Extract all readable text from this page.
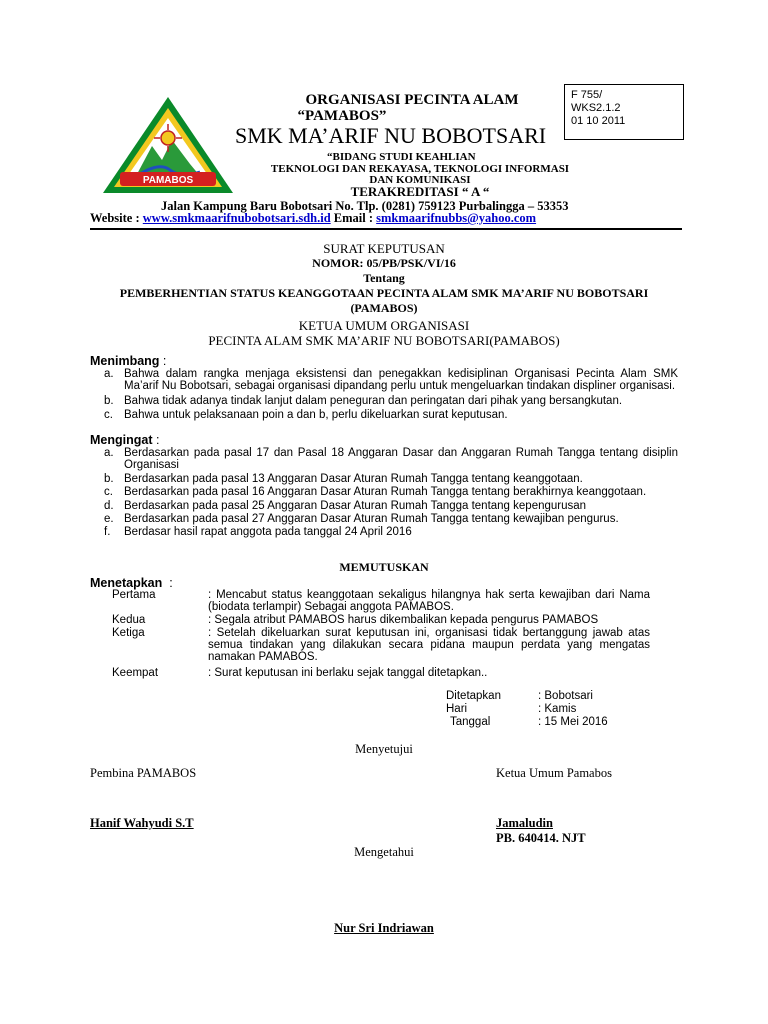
PAMABOS
ORGANISASI PECINTA ALAM
“PAMABOS”
SMK MA’ARIF NU BOBOTSARI
F 755/
WKS2.1.2
01 10 2011
“BIDANG STUDI KEAHLIAN
TEKNOLOGI DAN REKAYASA, TEKNOLOGI INFORMASI
DAN KOMUNIKASI
TERAKREDITASI “ A “
Jalan Kampung Baru Bobotsari No. Tlp. (0281) 759123 Purbalingga – 53353
Website : www.smkmaarifnubobotsari.sdh.id Email : smkmaarifnubbs@yahoo.com
SURAT KEPUTUSAN
NOMOR: 05/PB/PSK/VI/16
Tentang
PEMBERHENTIAN STATUS KEANGGOTAAN PECINTA ALAM SMK MA’ARIF NU BOBOTSARI
(PAMABOS)
KETUA UMUM ORGANISASI
PECINTA ALAM SMK MA’ARIF NU BOBOTSARI(PAMABOS)
Menimbang :
a. Bahwa dalam rangka menjaga eksistensi dan penegakkan kedisiplinan Organisasi Pecinta Alam SMK Ma’arif Nu Bobotsari, sebagai organisasi dipandang perlu untuk mengeluarkan tindakan displiner organisasi.
b. Bahwa tidak adanya tindak lanjut dalam peneguran dan peringatan dari pihak yang bersangkutan.
c. Bahwa untuk pelaksanaan poin a dan b, perlu dikeluarkan surat keputusan.
Mengingat :
a. Berdasarkan pada pasal 17 dan Pasal 18 Anggaran Dasar dan Anggaran Rumah Tangga tentang disiplin Organisasi
b. Berdasarkan pada pasal 13 Anggaran Dasar Aturan Rumah Tangga tentang keanggotaan.
c. Berdasarkan pada pasal 16 Anggaran Dasar Aturan Rumah Tangga tentang berakhirnya keanggotaan.
d. Berdasarkan pada pasal 25 Anggaran Dasar Aturan Rumah Tangga tentang kepengurusan
e. Berdasarkan pada pasal 27 Anggaran Dasar Aturan Rumah Tangga tentang kewajiban pengurus.
f. Berdasar hasil rapat anggota pada tanggal 24 April 2016
MEMUTUSKAN
Menetapkan  :
Pertama	: Mencabut status keanggotaan sekaligus hilangnya hak serta kewajiban dari Nama (biodata terlampir) Sebagai anggota PAMABOS.
Kedua	: Segala atribut PAMABOS harus dikembalikan kepada pengurus PAMABOS
Ketiga	: Setelah dikeluarkan surat keputusan ini, organisasi tidak bertanggung jawab atas semua tindakan yang dilakukan secara pidana maupun perdata yang mengatas namakan PAMABOS.
Keempat	: Surat keputusan ini berlaku sejak tanggal ditetapkan..
Ditetapkan	: Bobotsari
Hari	: Kamis
Tanggal	: 15 Mei 2016
Menyetujui
Pembina PAMABOS	Ketua Umum Pamabos
Hanif Wahyudi S.T	Jamaludin
PB. 640414. NJT
Mengetahui
Nur Sri Indriawan
